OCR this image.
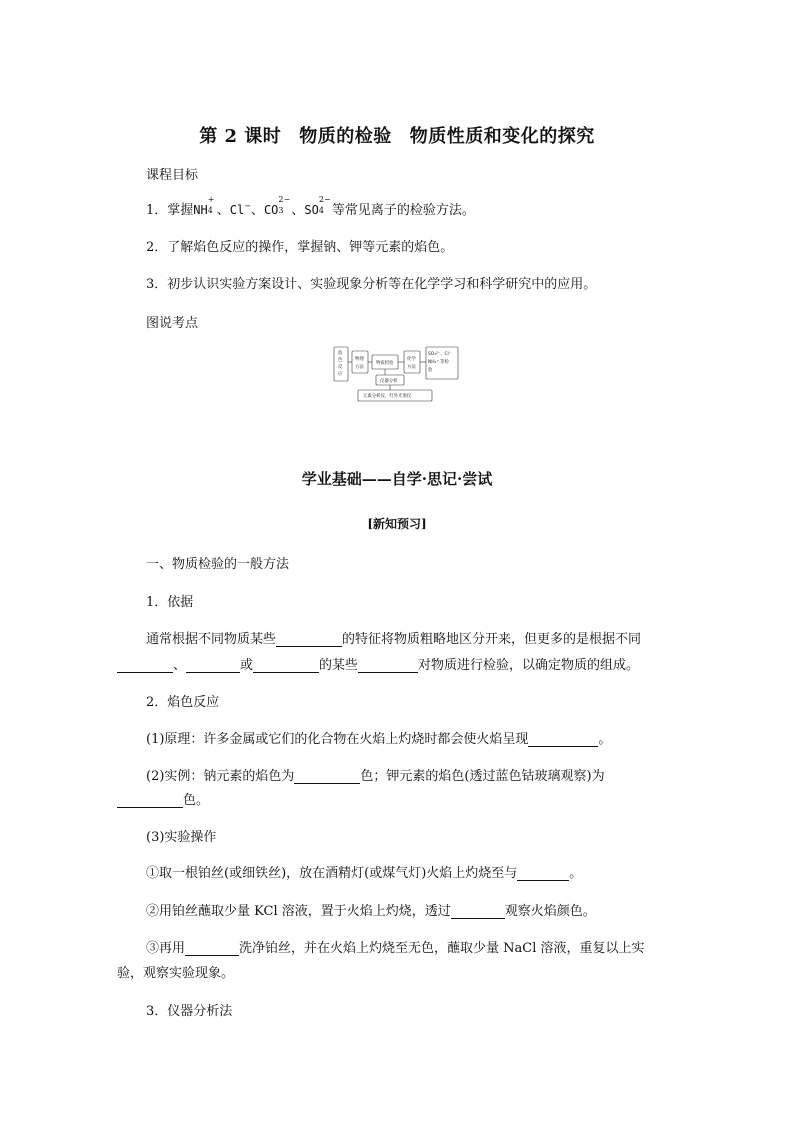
第 2 课时 物质的检验 物质性质和变化的探究
课程目标
1．掌握NH
+
4 、Cl−、CO
2−
3 、SO
2−
4 等常见离子的检验方法。
2．了解焰色反应的操作，掌握钠、钾等元素的焰色。
3．初步认识实验方案设计、实验现象分析等在化学学习和科学研究中的应用。
图说考点
焰
色
反
应
物理
方法
物质检验
化学
方法
SO₄²⁻、Cl⁻
NH₄⁺ 等检
验
仪器分析
元素分析仪、红外光谱仪
学业基础——自学·思记·尝试
[新知预习]
一、物质检验的一般方法
1．依据
通常根据不同物质某些	的特征将物质粗略地区分开来，但更多的是根据不同
、	或	的某些	对物质进行检验，以确定物质的组成。
2．焰色反应
(1)原理：许多金属或它们的化合物在火焰上灼烧时都会使火焰呈现	。
(2)实例：钠元素的焰色为	色；钾元素的焰色(透过蓝色钴玻璃观察)为
色。
(3)实验操作
①取一根铂丝(或细铁丝)，放在酒精灯(或煤气灯)火焰上灼烧至与	。
②用铂丝蘸取少量 KCl 溶液，置于火焰上灼烧，透过	观察火焰颜色。
③再用	洗净铂丝，并在火焰上灼烧至无色，蘸取少量 NaCl 溶液，重复以上实
验，观察实验现象。
3．仪器分析法
